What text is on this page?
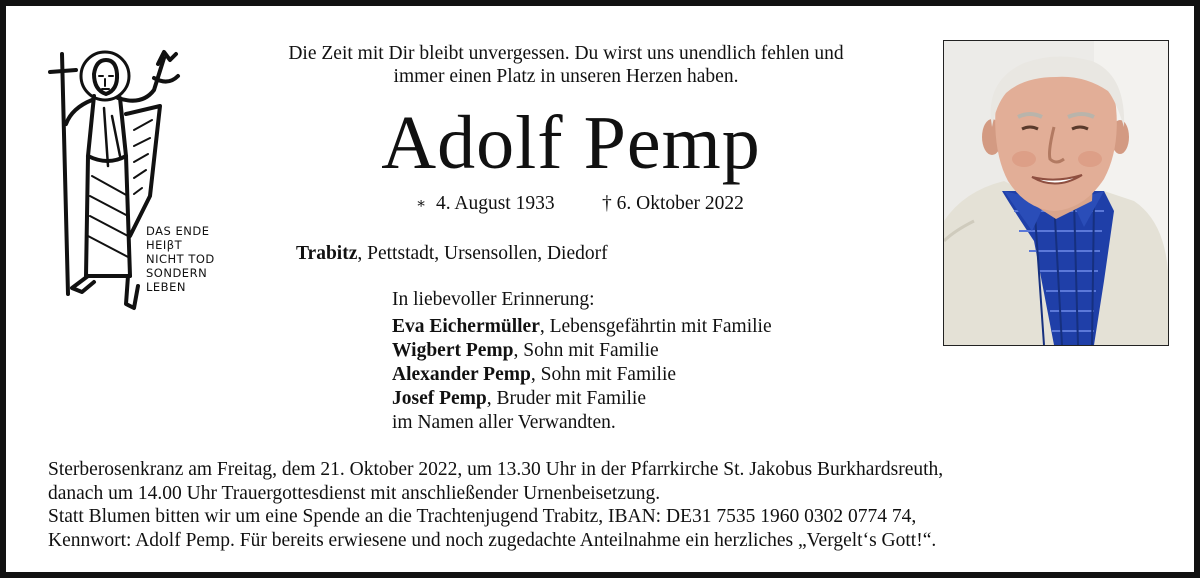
DAS ENDE
HEIβT
NICHT TOD
SONDERN
LEBEN
Die Zeit mit Dir bleibt unvergessen. Du wirst uns unendlich fehlen und
immer einen Platz in unseren Herzen haben.
Adolf Pemp
∗ 4. August 1933 † 6. Oktober 2022
Trabitz, Pettstadt, Ursensollen, Diedorf
In liebevoller Erinnerung:
Eva Eichermüller, Lebensgefährtin mit Familie
Wigbert Pemp, Sohn mit Familie
Alexander Pemp, Sohn mit Familie
Josef Pemp, Bruder mit Familie
im Namen aller Verwandten.
Sterberosenkranz am Freitag, dem 21. Oktober 2022, um 13.30 Uhr in der Pfarrkirche St. Jakobus Burkhardsreuth,
danach um 14.00 Uhr Trauergottesdienst mit anschließender Urnenbeisetzung.
Statt Blumen bitten wir um eine Spende an die Trachtenjugend Trabitz, IBAN: DE31 7535 1960 0302 0774 74,
Kennwort: Adolf Pemp. Für bereits erwiesene und noch zugedachte Anteilnahme ein herzliches „Vergelt‘s Gott!“.
